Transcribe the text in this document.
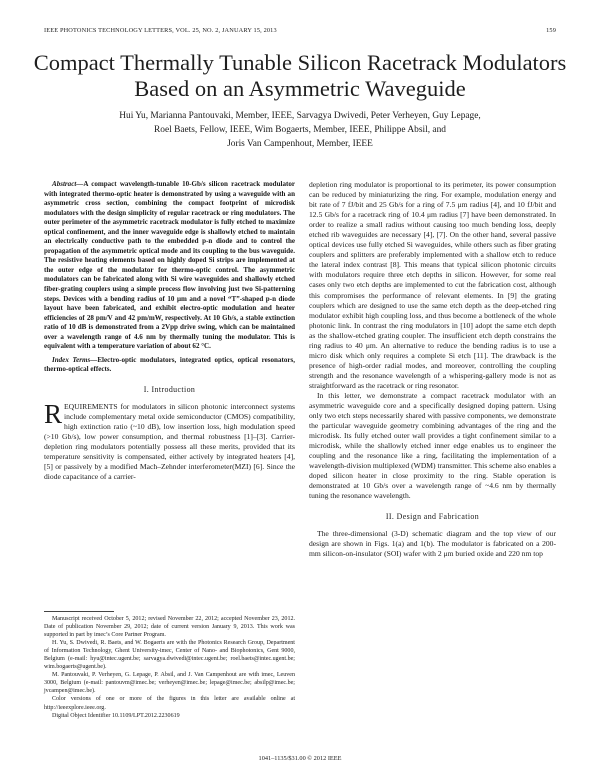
IEEE PHOTONICS TECHNOLOGY LETTERS, VOL. 25, NO. 2, JANUARY 15, 2013	159
Compact Thermally Tunable Silicon Racetrack Modulators Based on an Asymmetric Waveguide
Hui Yu, Marianna Pantouvaki, Member, IEEE, Sarvagya Dwivedi, Peter Verheyen, Guy Lepage,
Roel Baets, Fellow, IEEE, Wim Bogaerts, Member, IEEE, Philippe Absil, and
Joris Van Campenhout, Member, IEEE

Abstract—A compact wavelength-tunable 10-Gb/s silicon racetrack modulator with integrated thermo-optic heater is demonstrated by using a waveguide with an asymmetric cross section, combining the compact footprint of microdisk modulators with the design simplicity of regular racetrack or ring modulators. The outer perimeter of the asymmetric racetrack modulator is fully etched to maximize optical confinement, and the inner waveguide edge is shallowly etched to maintain an electrically conductive path to the embedded p-n diode and to control the propagation of the asymmetric optical mode and its coupling to the bus waveguide. The resistive heating elements based on highly doped Si strips are implemented at the outer edge of the modulator for thermo-optic control. The asymmetric modulators can be fabricated along with Si wire waveguides and shallowly etched fiber-grating couplers using a simple process flow involving just two Si-patterning steps. Devices with a bending radius of 10 μm and a novel “T”-shaped p-n diode layout have been fabricated, and exhibit electro-optic modulation and heater efficiencies of 28 pm/V and 42 pm/mW, respectively. At 10 Gb/s, a stable extinction ratio of 10 dB is demonstrated from a 2Vpp drive swing, which can be maintained over a wavelength range of 4.6 nm by thermally tuning the modulator. This is equivalent with a temperature variation of about 62 °C.

Index Terms—Electro-optic modulators, integrated optics, optical resonators, thermo-optical effects.

I. Introduction

REQUIREMENTS for modulators in silicon photonic interconnect systems include complementary metal oxide semiconductor (CMOS) compatibility, high extinction ratio (~10 dB), low insertion loss, high modulation speed (>10 Gb/s), low power consumption, and thermal robustness [1]–[3]. Carrier-depletion ring modulators potentially possess all these merits, provided that its temperature sensitivity is compensated, either actively by integrated heaters [4], [5] or passively by a modified Mach–Zehnder interferometer(MZI) [6]. Since the diode capacitance of a carrier-

Manuscript received October 5, 2012; revised November 22, 2012; accepted November 23, 2012. Date of publication November 29, 2012; date of current version January 9, 2013. This work was supported in part by imec’s Core Partner Program.

H. Yu, S. Dwivedi, R. Baets, and W. Bogaerts are with the Photonics Research Group, Department of Information Technology, Ghent University-imec, Center of Nano- and Biophotonics, Gent 9000, Belgium (e-mail: hyu@intec.ugent.be; sarvagya.dwivedi@intec.ugent.be; roel.baets@intec.ugent.be; wim.bogaerts@ugent.be).

M. Pantouvaki, P. Verheyen, G. Lepage, P. Absil, and J. Van Campenhout are with imec, Leuven 3000, Belgium (e-mail: pantouvm@imec.be; verheyen@imec.be; lepage@imec.be; absilp@imec.be; jvcampen@imec.be).

Color versions of one or more of the figures in this letter are available online at http://ieeexplore.ieee.org.

Digital Object Identifier 10.1109/LPT.2012.2230619

depletion ring modulator is proportional to its perimeter, its power consumption can be reduced by miniaturizing the ring. For example, modulation energy and bit rate of 7 fJ/bit and 25 Gb/s for a ring of 7.5 μm radius [4], and 10 fJ/bit and 12.5 Gb/s for a racetrack ring of 10.4 μm radius [7] have been demonstrated. In order to realize a small radius without causing too much bending loss, deeply etched rib waveguides are necessary [4], [7]. On the other hand, several passive optical devices use fully etched Si waveguides, while others such as fiber grating couplers and splitters are preferably implemented with a shallow etch to reduce the lateral index contrast [8]. This means that typical silicon photonic circuits with modulators require three etch depths in silicon. However, for some real cases only two etch depths are implemented to cut the fabrication cost, although this compromises the performance of relevant elements. In [9] the grating couplers which are designed to use the same etch depth as the deep-etched ring modulator exhibit high coupling loss, and thus become a bottleneck of the whole photonic link. In contrast the ring modulators in [10] adopt the same etch depth as the shallow-etched grating coupler. The insufficient etch depth constrains the ring radius to 40 μm. An alternative to reduce the bending radius is to use a micro disk which only requires a complete Si etch [11]. The drawback is the presence of high-order radial modes, and moreover, controlling the coupling strength and the resonance wavelength of a whispering-gallery mode is not as straightforward as the racetrack or ring resonator.

In this letter, we demonstrate a compact racetrack modulator with an asymmetric waveguide core and a specifically designed doping pattern. Using only two etch steps necessarily shared with passive components, we demonstrate the particular waveguide geometry combining advantages of the ring and the microdisk. Its fully etched outer wall provides a tight confinement similar to a microdisk, while the shallowly etched inner edge enables us to engineer the coupling and the resonance like a ring, facilitating the implementation of a wavelength-division multiplexed (WDM) transmitter. This scheme also enables a doped silicon heater in close proximity to the ring. Stable operation is demonstrated at 10 Gb/s over a wavelength range of ~4.6 nm by thermally tuning the resonance wavelength.

II. Design and Fabrication

The three-dimensional (3-D) schematic diagram and the top view of our design are shown in Figs. 1(a) and 1(b). The modulator is fabricated on a 200-mm silicon-on-insulator (SOI) wafer with 2 μm buried oxide and 220 nm top

1041–1135/$31.00 © 2012 IEEE
